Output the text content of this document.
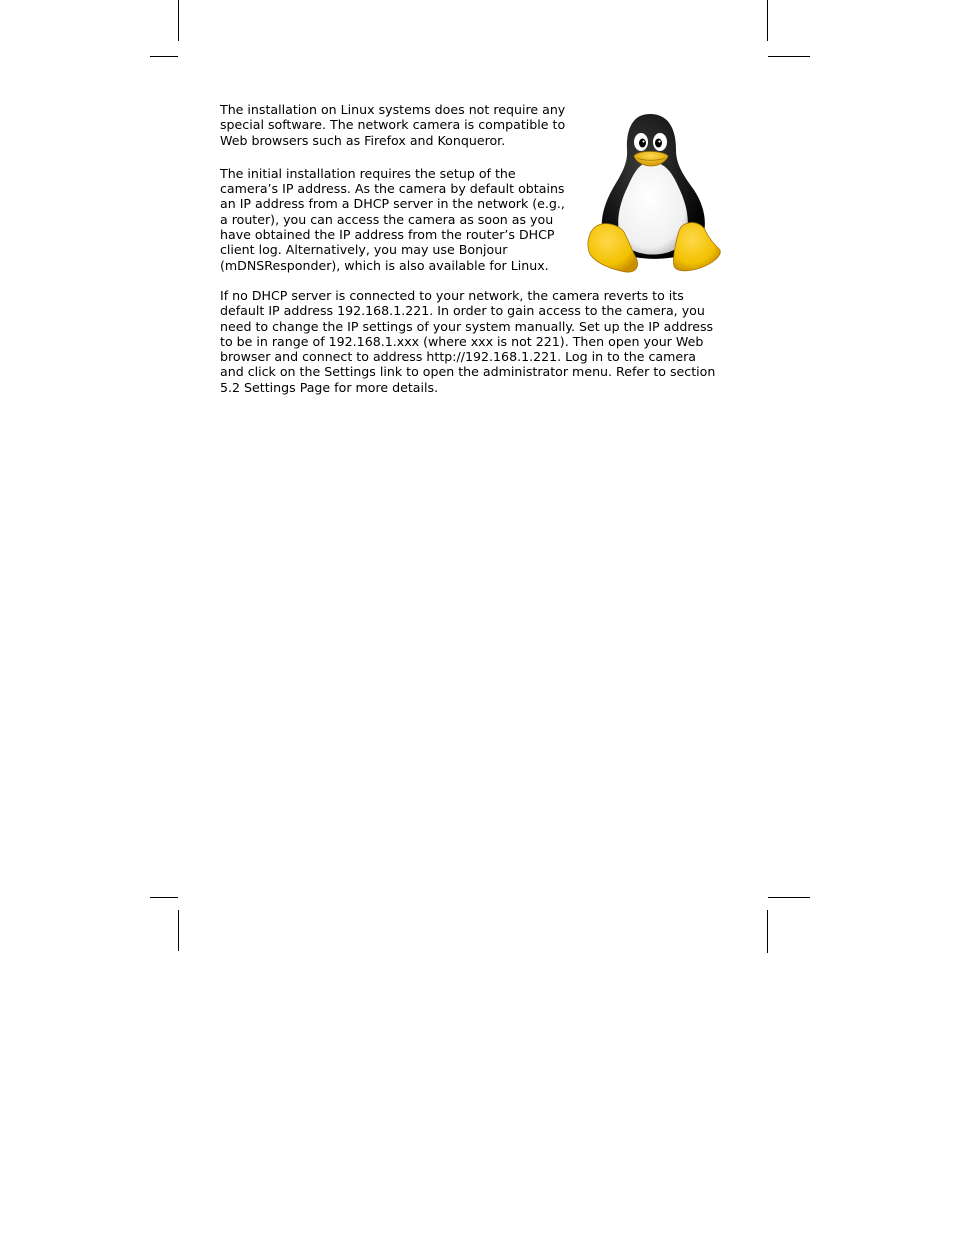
The installation on Linux systems does not require any
special software. The network camera is compatible to
Web browsers such as Firefox and Konqueror.

The initial installation requires the setup of the
camera’s IP address. As the camera by default obtains
an IP address from a DHCP server in the network (e.g.,
a router), you can access the camera as soon as you
have obtained the IP address from the router’s DHCP
client log. Alternatively, you may use Bonjour
(mDNSResponder), which is also available for Linux.

If no DHCP server is connected to your network, the camera reverts to its
default IP address 192.168.1.221. In order to gain access to the camera, you
need to change the IP settings of your system manually. Set up the IP address
to be in range of 192.168.1.xxx (where xxx is not 221). Then open your Web
browser and connect to address http://192.168.1.221. Log in to the camera
and click on the Settings link to open the administrator menu. Refer to section
5.2 Settings Page for more details.
